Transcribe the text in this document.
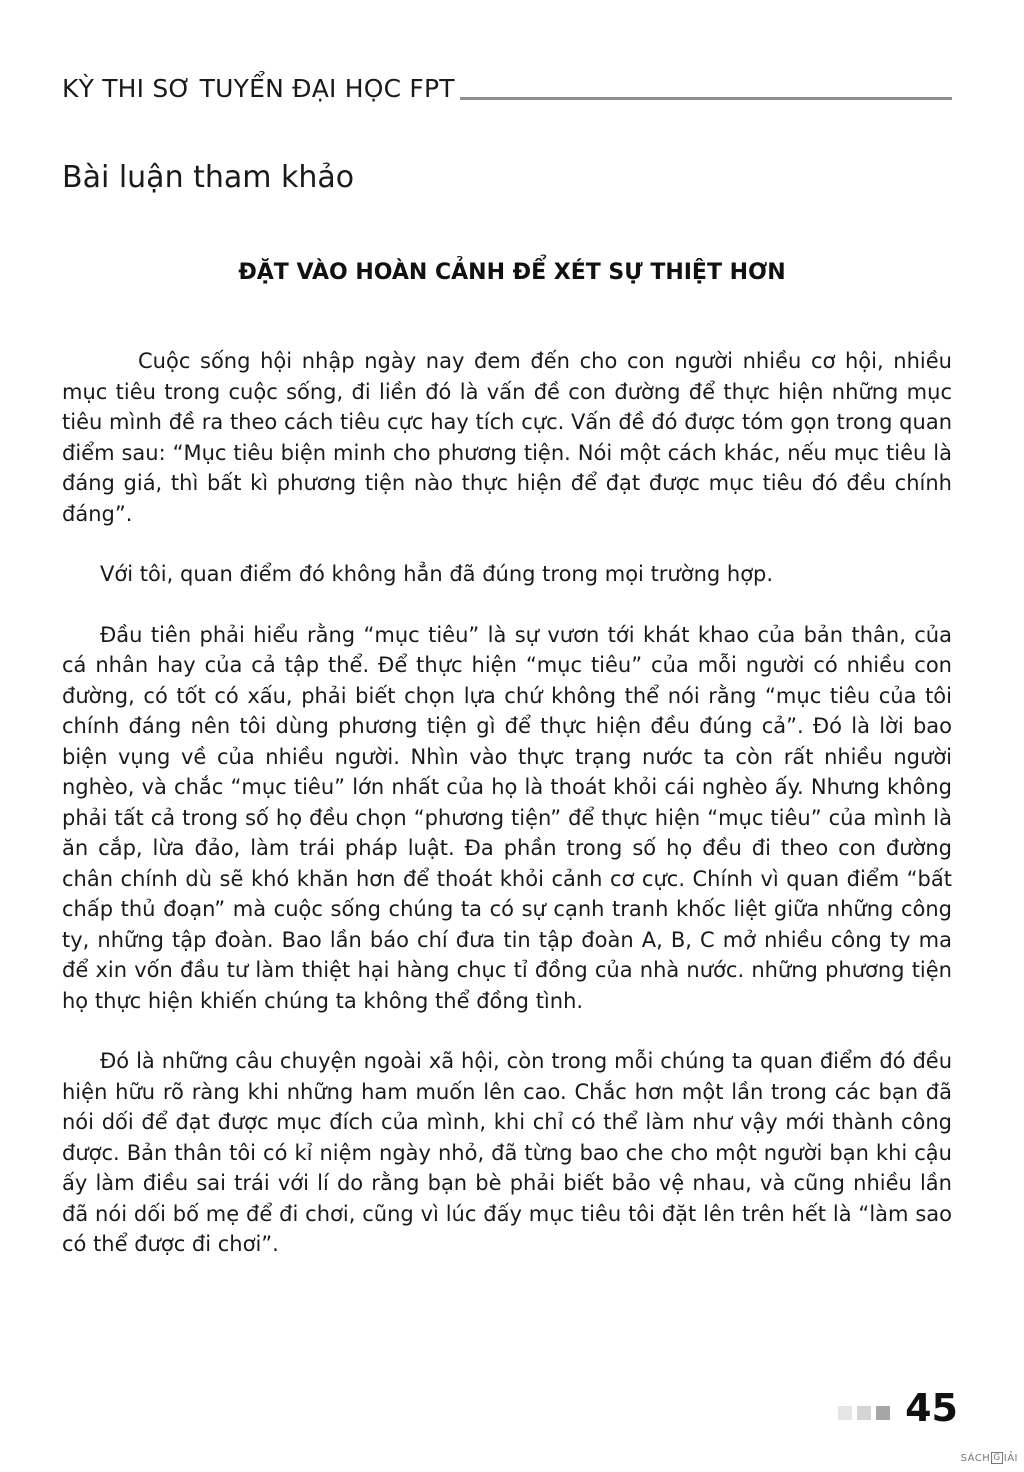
KỲ THI SƠ TUYỂN ĐẠI HỌC FPT
Bài luận tham khảo
ĐẶT VÀO HOÀN CẢNH ĐỂ XÉT SỰ THIỆT HƠN

Cuộc sống hội nhập ngày nay đem đến cho con người nhiều cơ hội, nhiều mục tiêu trong cuộc sống, đi liền đó là vấn đề con đường để thực hiện những mục tiêu mình đề ra theo cách tiêu cực hay tích cực. Vấn đề đó được tóm gọn trong quan điểm sau: “Mục tiêu biện minh cho phương tiện. Nói một cách khác, nếu mục tiêu là đáng giá, thì bất kì phương tiện nào thực hiện để đạt được mục tiêu đó đều chính đáng”.

Với tôi, quan điểm đó không hẳn đã đúng trong mọi trường hợp.

Đầu tiên phải hiểu rằng “mục tiêu” là sự vươn tới khát khao của bản thân, của cá nhân hay của cả tập thể. Để thực hiện “mục tiêu” của mỗi người có nhiều con đường, có tốt có xấu, phải biết chọn lựa chứ không thể nói rằng “mục tiêu của tôi chính đáng nên tôi dùng phương tiện gì để thực hiện đều đúng cả”. Đó là lời bao biện vụng về của nhiều người. Nhìn vào thực trạng nước ta còn rất nhiều người nghèo, và chắc “mục tiêu” lớn nhất của họ là thoát khỏi cái nghèo ấy. Nhưng không phải tất cả trong số họ đều chọn “phương tiện” để thực hiện “mục tiêu” của mình là ăn cắp, lừa đảo, làm trái pháp luật. Đa phần trong số họ đều đi theo con đường chân chính dù sẽ khó khăn hơn để thoát khỏi cảnh cơ cực. Chính vì quan điểm “bất chấp thủ đoạn” mà cuộc sống chúng ta có sự cạnh tranh khốc liệt giữa những công ty, những tập đoàn. Bao lần báo chí đưa tin tập đoàn A, B, C mở nhiều công ty ma để xin vốn đầu tư làm thiệt hại hàng chục tỉ đồng của nhà nước. những phương tiện họ thực hiện khiến chúng ta không thể đồng tình.

Đó là những câu chuyện ngoài xã hội, còn trong mỗi chúng ta quan điểm đó đều hiện hữu rõ ràng khi những ham muốn lên cao. Chắc hơn một lần trong các bạn đã nói dối để đạt được mục đích của mình, khi chỉ có thể làm như vậy mới thành công được. Bản thân tôi có kỉ niệm ngày nhỏ, đã từng bao che cho một người bạn khi cậu ấy làm điều sai trái với lí do rằng bạn bè phải biết bảo vệ nhau, và cũng nhiều lần đã nói dối bố mẹ để đi chơi, cũng vì lúc đấy mục tiêu tôi đặt lên trên hết là “làm sao có thể được đi chơi”.

45
SÁCH G IẢI
